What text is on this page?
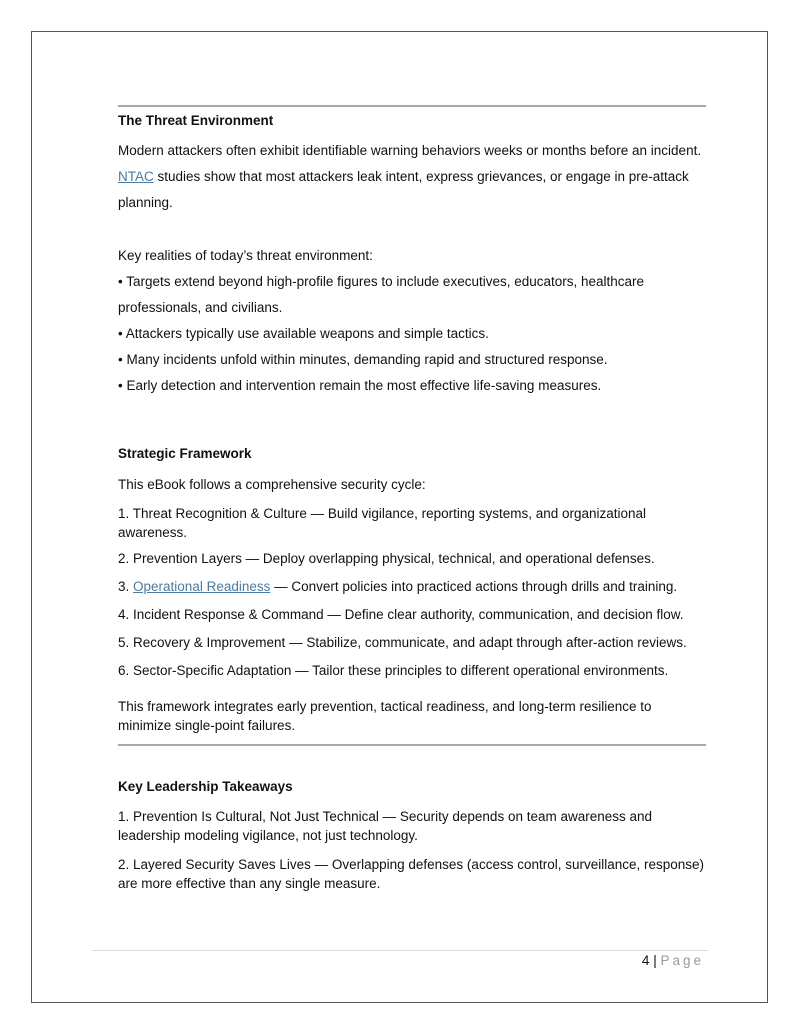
The Threat Environment
Modern attackers often exhibit identifiable warning behaviors weeks or months before an incident. NTAC studies show that most attackers leak intent, express grievances, or engage in pre-attack planning.
Key realities of today’s threat environment:
• Targets extend beyond high-profile figures to include executives, educators, healthcare professionals, and civilians.
• Attackers typically use available weapons and simple tactics.
• Many incidents unfold within minutes, demanding rapid and structured response.
• Early detection and intervention remain the most effective life-saving measures.
Strategic Framework
This eBook follows a comprehensive security cycle:
1. Threat Recognition & Culture — Build vigilance, reporting systems, and organizational awareness.
2. Prevention Layers — Deploy overlapping physical, technical, and operational defenses.
3. Operational Readiness — Convert policies into practiced actions through drills and training.
4. Incident Response & Command — Define clear authority, communication, and decision flow.
5. Recovery & Improvement — Stabilize, communicate, and adapt through after-action reviews.
6. Sector-Specific Adaptation — Tailor these principles to different operational environments.
This framework integrates early prevention, tactical readiness, and long-term resilience to minimize single-point failures.
Key Leadership Takeaways
1. Prevention Is Cultural, Not Just Technical — Security depends on team awareness and leadership modeling vigilance, not just technology.
2. Layered Security Saves Lives — Overlapping defenses (access control, surveillance, response) are more effective than any single measure.
4 | Page
